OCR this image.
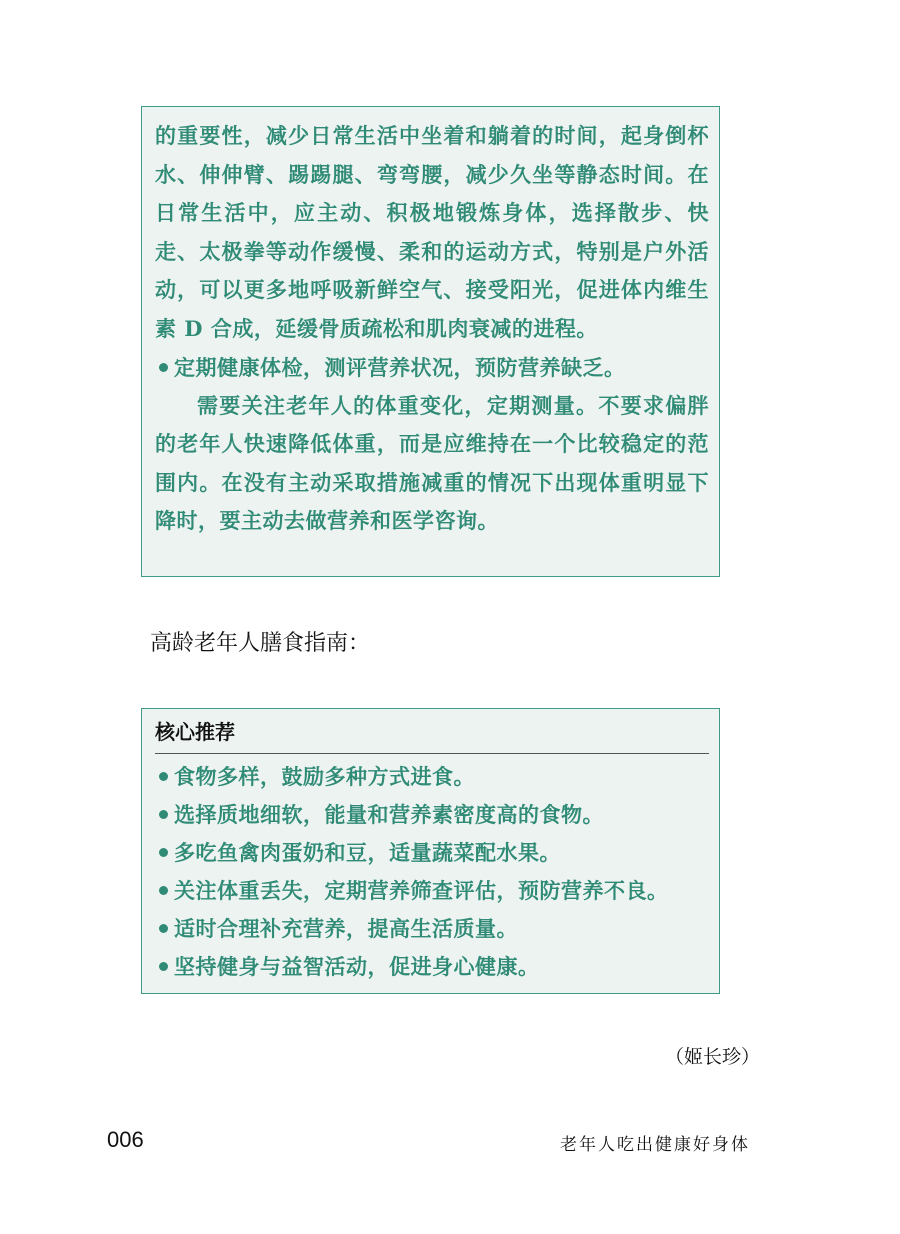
的重要性，减少日常生活中坐着和躺着的时间，起身倒杯水、伸伸臂、踢踢腿、弯弯腰，减少久坐等静态时间。在日常生活中，应主动、积极地锻炼身体，选择散步、快走、太极拳等动作缓慢、柔和的运动方式，特别是户外活动，可以更多地呼吸新鲜空气、接受阳光，促进体内维生素 D 合成，延缓骨质疏松和肌肉衰减的进程。

定期健康体检，测评营养状况，预防营养缺乏。

需要关注老年人的体重变化，定期测量。不要求偏胖的老年人快速降低体重，而是应维持在一个比较稳定的范围内。在没有主动采取措施减重的情况下出现体重明显下降时，要主动去做营养和医学咨询。

高龄老年人膳食指南：
核心推荐
食物多样，鼓励多种方式进食。
选择质地细软，能量和营养素密度高的食物。
多吃鱼禽肉蛋奶和豆，适量蔬菜配水果。
关注体重丢失，定期营养筛查评估，预防营养不良。
适时合理补充营养，提高生活质量。
坚持健身与益智活动，促进身心健康。
（姬长珍）
006	老年人吃出健康好身体
